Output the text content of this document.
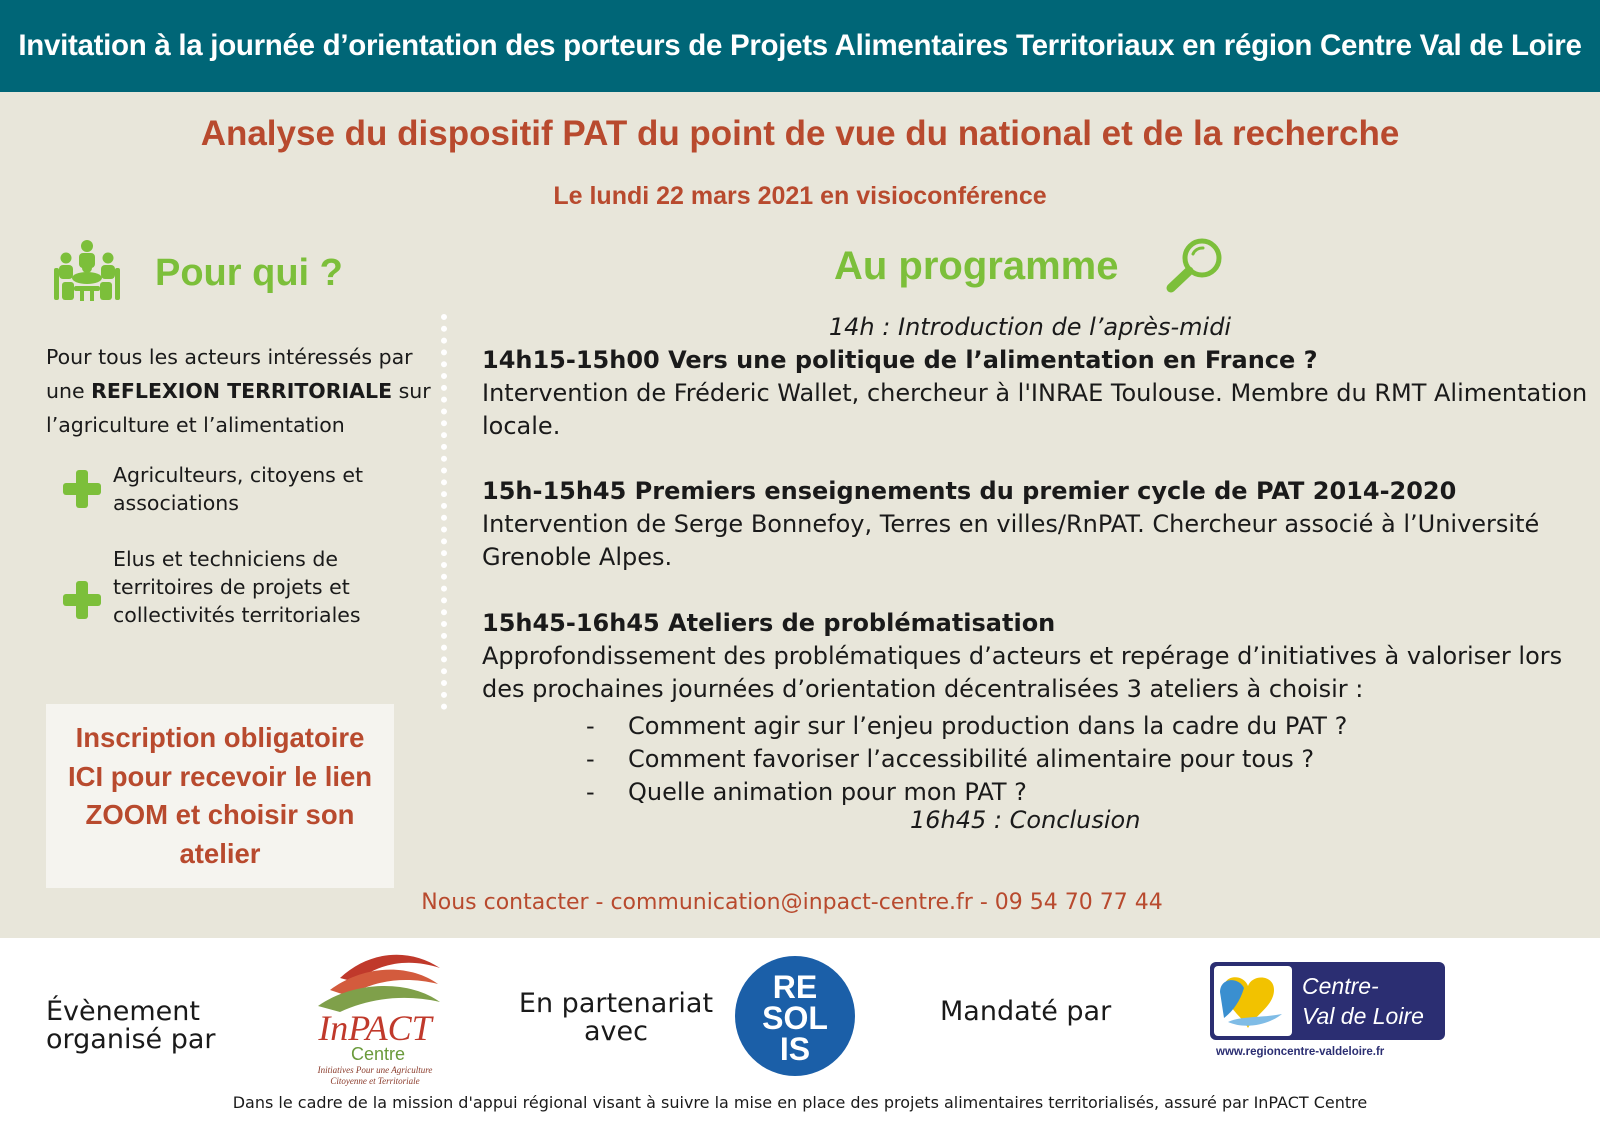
Invitation à la journée d’orientation des porteurs de Projets Alimentaires Territoriaux en région Centre Val de Loire
Analyse du dispositif PAT du point de vue du national et de la recherche
Le lundi 22 mars 2021 en visioconférence
Pour qui ?
Pour tous les acteurs intéressés par une REFLEXION TERRITORIALE sur l’agriculture et l’alimentation
Agriculteurs, citoyens et associations
Elus et techniciens de territoires de projets et collectivités territoriales
Inscription obligatoire ICI pour recevoir le lien ZOOM et choisir son atelier
Au programme
14h : Introduction de l’après-midi
14h15-15h00 Vers une politique de l’alimentation en France ?
Intervention de Fréderic Wallet, chercheur à l'INRAE Toulouse. Membre du RMT Alimentation locale.
15h-15h45 Premiers enseignements du premier cycle de PAT 2014-2020
Intervention de Serge Bonnefoy, Terres en villes/RnPAT. Chercheur associé à l’Université Grenoble Alpes.
15h45-16h45 Ateliers de problématisation
Approfondissement des problématiques d’acteurs et repérage d’initiatives à valoriser lors des prochaines journées d’orientation décentralisées 3 ateliers à choisir :
- Comment agir sur l’enjeu production dans la cadre du PAT ?
- Comment favoriser l’accessibilité alimentaire pour tous ?
- Quelle animation pour mon PAT ?
16h45 : Conclusion
Nous contacter - communication@inpact-centre.fr - 09 54 70 77 44
Évènement organisé par	InPACT
Centre
Initiatives Pour une Agriculture
Citoyenne et Territoriale
En partenariat avec
RE
SOL
IS
Mandaté par
Centre-
Val de Loire
www.regioncentre-valdeloire.fr
Dans le cadre de la mission d'appui régional visant à suivre la mise en place des projets alimentaires territorialisés, assuré par InPACT Centre
